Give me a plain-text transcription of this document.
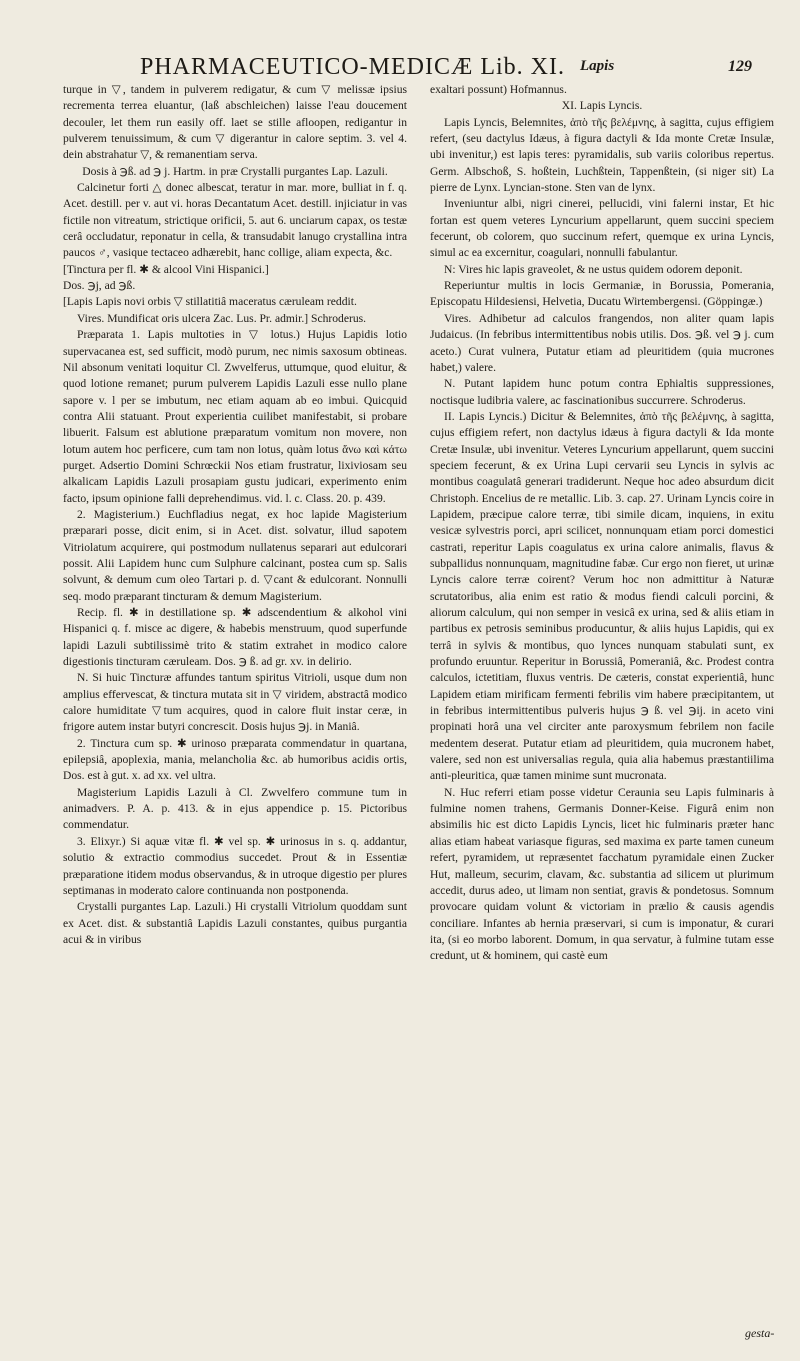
PHARMACEUTICO-MEDICÆ Lib. XI. Lapis	129

turque in ▽, tandem in pulverem redigatur, & cum ▽ melissæ ipsius recrementa terrea eluantur, (laß abschleichen) laisse l'eau doucement decouler, let them run easily off. laet se stille afloopen, redigantur in pulverem tenuissimum, & cum ▽ digerantur in calore septim. 3. vel 4. dein abstrahatur ▽, & remanentiam serva.

Dosis à ℈ß. ad ℈ j. Hartm. in præ Crystalli purgantes Lap. Lazuli.

Calcinetur forti △ donec albescat, teratur in mar. more, bulliat in f. q. Acet. destill. per v. aut vi. horas Decantatum Acet. destill. injiciatur in vas fictile non vitreatum, strictique orificii, 5. aut 6. unciarum capax, os testæ cerâ occludatur, reponatur in cella, & transudabit lanugo crystallina intra paucos ♂, vasique tectaceo adhærebit, hanc collige, aliam expecta, &c.

[Tinctura per fl. ✱ & alcool Vini Hispanici.]

Dos. ℈j, ad ℈ß.

[Lapis Lapis novi orbis ▽ stillatitiâ maceratus cæruleam reddit.

Vires. Mundificat oris ulcera Zac. Lus. Pr. admir.] Schroderus.

Præparata 1. Lapis multoties in ▽ lotus.) Hujus Lapidis lotio supervacanea est, sed sufficit, modò purum, nec nimis saxosum obtineas. Nil absonum venitati loquitur Cl. Zwvelferus, uttumque, quod eluitur, & quod lotione remanet; purum pulverem Lapidis Lazuli esse nullo plane sapore v. l per se imbutum, nec etiam aquam ab eo imbui. Quicquid contra Alii statuant. Prout experientia cuilibet manifestabit, si probare libuerit. Falsum est ablutione præparatum vomitum non movere, non lotum autem hoc perficere, cum tam non lotus, quàm lotus ἄνω καὶ κάτω purget. Adsertio Domini Schrœckii Nos etiam frustratur, lixiviosam seu alkalicam Lapidis Lazuli prosapiam gustu judicari, experimento enim facto, ipsum opinione falli deprehendimus. vid. l. c. Class. 20. p. 439.

2. Magisterium.) Euchfladius negat, ex hoc lapide Magisterium præparari posse, dicit enim, si in Acet. dist. solvatur, illud sapotem Vitriolatum acquirere, qui postmodum nullatenus separari aut edulcorari possit. Alii Lapidem hunc cum Sulphure calcinant, postea cum sp. Salis solvunt, & demum cum oleo Tartari p. d. ▽cant & edulcorant. Nonnulli seq. modo præparant tincturam & demum Magisterium.

Recip. fl. ✱ in destillatione sp. ✱ adscendentium & alkohol vini Hispanici q. f. misce ac digere, & habebis menstruum, quod superfunde lapidi Lazuli subtilissimè trito & statim extrahet in modico calore digestionis tincturam cæruleam. Dos. ℈ ß. ad gr. xv. in delirio.

N. Si huic Tincturæ affundes tantum spiritus Vitrioli, usque dum non amplius effervescat, & tinctura mutata sit in ▽ viridem, abstractâ modico calore humiditate ▽tum acquires, quod in calore fluit instar ceræ, in frigore autem instar butyri concrescit. Dosis hujus ℈j. in Maniâ.

2. Tinctura cum sp. ✱ urinoso præparata commendatur in quartana, epilepsiâ, apoplexia, mania, melancholia &c. ab humoribus acidis ortis, Dos. est à gut. x. ad xx. vel ultra.

Magisterium Lapidis Lazuli à Cl. Zwvelfero commune tum in animadvers. P. A. p. 413. & in ejus appendice p. 15. Pictoribus commendatur.

3. Elixyr.) Si aquæ vitæ fl. ✱ vel sp. ✱ urinosus in s. q. addantur, solutio & extractio commodius succedet. Prout & in Essentiæ præparatione itidem modus observandus, & in utroque digestio per plures septimanas in moderato calore continuanda non postponenda.

Crystalli purgantes Lap. Lazuli.) Hi crystalli Vitriolum quoddam sunt ex Acet. dist. & substantiâ Lapidis Lazuli constantes, quibus purgantia acui & in viribus

exaltari possunt) Hofmannus.

XI. Lapis Lyncis.

Lapis Lyncis, Belemnites, ἀπὸ τῆς βελέμνης, à sagitta, cujus effigiem refert, (seu dactylus Idæus, à figura dactyli & Ida monte Cretæ Insulæ, ubi invenitur,) est lapis teres: pyramidalis, sub variis coloribus repertus. Germ. Albschoß, S. hoßtein, Luchßtein, Tappenßtein, (si niger sit) La pierre de Lynx. Lyncian-stone. Sten van de lynx.

Inveniuntur albi, nigri cinerei, pellucidi, vini falerni instar, Et hic fortan est quem veteres Lyncurium appellarunt, quem succini speciem fecerunt, ob colorem, quo succinum refert, quemque ex urina Lyncis, simul ac ea excernitur, coagulari, nonnulli fabulantur.

N: Vires hic lapis graveolet, & ne ustus quidem odorem deponit.

Reperiuntur multis in locis Germaniæ, in Borussia, Pomerania, Episcopatu Hildesiensi, Helvetia, Ducatu Wirtembergensi. (Göppingæ.)

Vires. Adhibetur ad calculos frangendos, non aliter quam lapis Judaicus. (In febribus intermittentibus nobis utilis. Dos. ℈ß. vel ℈ j. cum aceto.) Curat vulnera, Putatur etiam ad pleuritidem (quia mucrones habet,) valere.

N. Putant lapidem hunc potum contra Ephialtis suppressiones, noctisque ludibria valere, ac fascinationibus succurrere. Schroderus.

II. Lapis Lyncis.) Dicitur & Belemnites, ἀπὸ τῆς βελέμνης, à sagitta, cujus effigiem refert, non dactylus idæus à figura dactyli & Ida monte Cretæ Insulæ, ubi invenitur. Veteres Lyncurium appellarunt, quem succini speciem fecerunt, & ex Urina Lupi cervarii seu Lyncis in sylvis ac montibus coagulatâ generari tradiderunt. Neque hoc adeo absurdum dicit Christoph. Encelius de re metallic. Lib. 3. cap. 27. Urinam Lyncis coire in Lapidem, præcipue calore terræ, tibi simile dicam, inquiens, in exitu vesicæ sylvestris porci, apri scilicet, nonnunquam etiam porci domestici castrati, reperitur Lapis coagulatus ex urina calore animalis, flavus & subpallidus nonnunquam, magnitudine fabæ. Cur ergo non fieret, ut urinæ Lyncis calore terræ coirent? Verum hoc non admittitur à Naturæ scrutatoribus, alia enim est ratio & modus fiendi calculi porcini, & aliorum calculum, qui non semper in vesicâ ex urina, sed & aliis etiam in partibus ex petrosis seminibus producuntur, & aliis hujus Lapidis, qui ex terrâ in sylvis & montibus, quo lynces nunquam stabulati sunt, ex profundo eruuntur. Reperitur in Borussiâ, Pomeraniâ, &c. Prodest contra calculos, ictetitiam, fluxus ventris. De cæteris, constat experientiâ, hunc Lapidem etiam mirificam fermenti febrilis vim habere præcipitantem, ut in febribus intermittentibus pulveris hujus ℈ ß. vel ℈ij. in aceto vini propinati horâ una vel circiter ante paroxysmum febrilem non facile medentem deserat. Putatur etiam ad pleuritidem, quia mucronem habet, valere, sed non est universalias regula, quia alia habemus præstantiilima anti-pleuritica, quæ tamen minime sunt mucronata.

N. Huc referri etiam posse videtur Ceraunia seu Lapis fulminaris à fulmine nomen trahens, Germanis Donner-Keise. Figurâ enim non absimilis hic est dicto Lapidis Lyncis, licet hic fulminaris præter hanc alias etiam habeat variasque figuras, sed maxima ex parte tamen cuneum refert, pyramidem, ut repræsentet facchatum pyramidale einen Zucker Hut, malleum, securim, clavam, &c. substantia ad silicem ut plurimum accedit, durus adeo, ut limam non sentiat, gravis & pondetosus. Somnum provocare quidam volunt & victoriam in prælio & causis agendis conciliare. Infantes ab hernia præservari, si cum is imponatur, & curari ita, (si eo morbo laborent. Domum, in qua servatur, à fulmine tutam esse credunt, ut & hominem, qui castè eum

gesta-
